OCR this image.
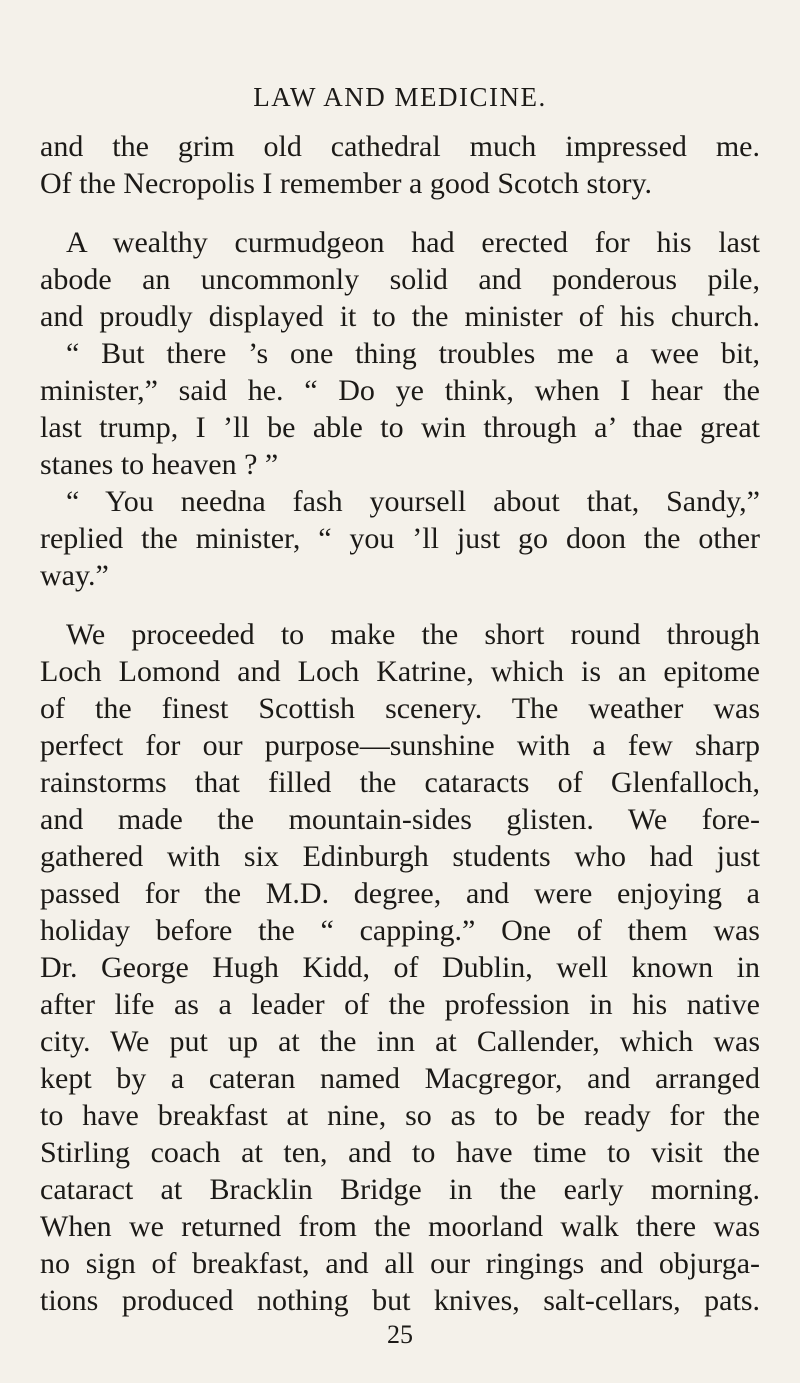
LAW AND MEDICINE.
and the grim old cathedral much impressed me.
Of the Necropolis I remember a good Scotch story.
A wealthy curmudgeon had erected for his last
abode an uncommonly solid and ponderous pile,
and proudly displayed it to the minister of his church.
“ But there ’s one thing troubles me a wee bit,
minister,” said he. “ Do ye think, when I hear the
last trump, I ’ll be able to win through a’ thae great
stanes to heaven ? ”
“ You needna fash yoursell about that, Sandy,”
replied the minister, “ you ’ll just go doon the other
way.”
We proceeded to make the short round through
Loch Lomond and Loch Katrine, which is an epitome
of the finest Scottish scenery. The weather was
perfect for our purpose—sunshine with a few sharp
rainstorms that filled the cataracts of Glenfalloch,
and made the mountain-sides glisten. We fore-
gathered with six Edinburgh students who had just
passed for the M.D. degree, and were enjoying a
holiday before the “ capping.” One of them was
Dr. George Hugh Kidd, of Dublin, well known in
after life as a leader of the profession in his native
city. We put up at the inn at Callender, which was
kept by a cateran named Macgregor, and arranged
to have breakfast at nine, so as to be ready for the
Stirling coach at ten, and to have time to visit the
cataract at Bracklin Bridge in the early morning.
When we returned from the moorland walk there was
no sign of breakfast, and all our ringings and objurga-
tions produced nothing but knives, salt-cellars, pats.
25
